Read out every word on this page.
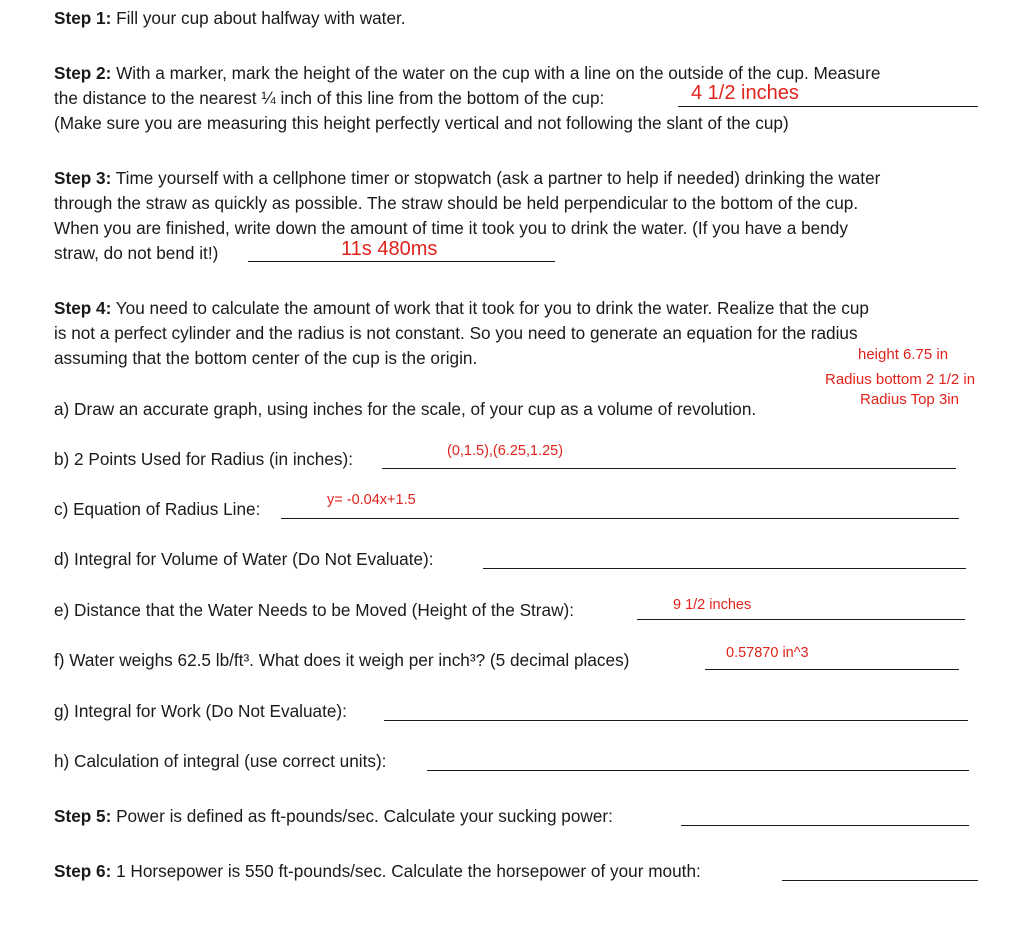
Step 1: Fill your cup about halfway with water.
Step 2: With a marker, mark the height of the water on the cup with a line on the outside of the cup. Measure
the distance to the nearest ¼ inch of this line from the bottom of the cup:	4 1/2 inches
(Make sure you are measuring this height perfectly vertical and not following the slant of the cup)
Step 3: Time yourself with a cellphone timer or stopwatch (ask a partner to help if needed) drinking the water
through the straw as quickly as possible. The straw should be held perpendicular to the bottom of the cup.
When you are finished, write down the amount of time it took you to drink the water. (If you have a bendy
straw, do not bend it!)	11s 480ms
Step 4: You need to calculate the amount of work that it took for you to drink the water. Realize that the cup
is not a perfect cylinder and the radius is not constant. So you need to generate an equation for the radius
assuming that the bottom center of the cup is the origin.	height 6.75 in
Radius bottom 2 1/2 in
Radius Top 3in
a) Draw an accurate graph, using inches for the scale, of your cup as a volume of revolution.
b) 2 Points Used for Radius (in inches):	(0,1.5),(6.25,1.25)
c) Equation of Radius Line:	y= -0.04x+1.5
d) Integral for Volume of Water (Do Not Evaluate):
e) Distance that the Water Needs to be Moved (Height of the Straw):	9 1/2 inches
f) Water weighs 62.5 lb/ft³. What does it weigh per inch³? (5 decimal places)	0.57870 in^3
g) Integral for Work (Do Not Evaluate):
h) Calculation of integral (use correct units):
Step 5: Power is defined as ft-pounds/sec. Calculate your sucking power:
Step 6: 1 Horsepower is 550 ft-pounds/sec. Calculate the horsepower of your mouth:
